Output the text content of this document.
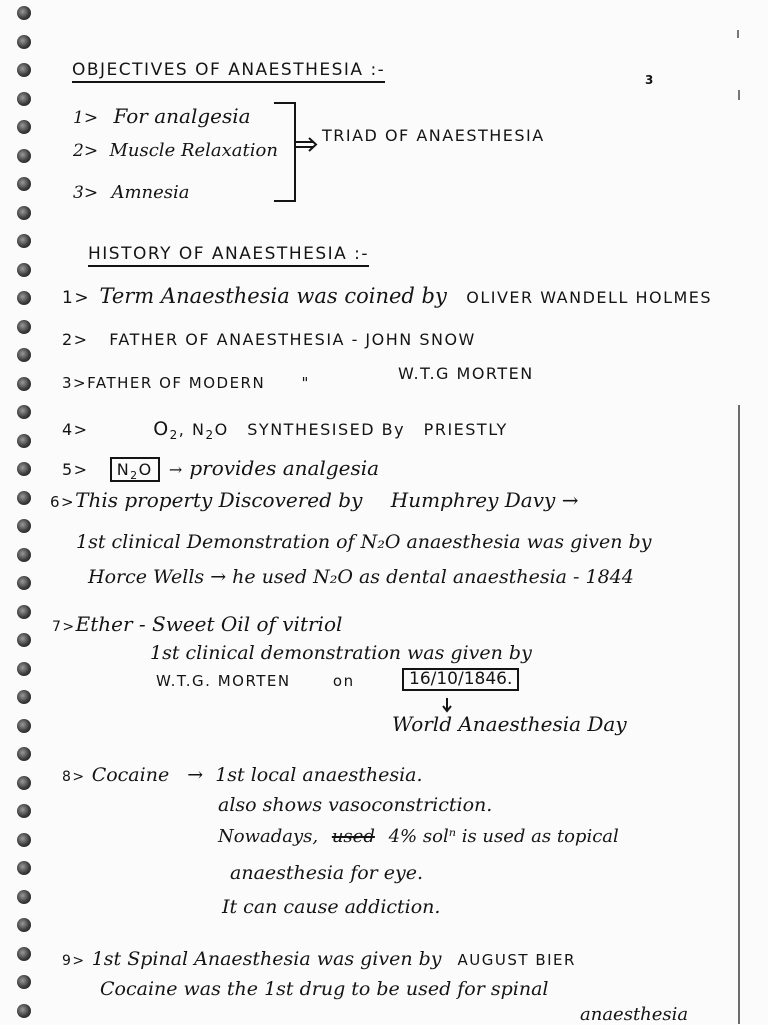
3
OBJECTIVES OF ANAESTHESIA :-
1> For analgesia
2> Muscle Relaxation
3> Amnesia
TRIAD OF ANAESTHESIA
HISTORY OF ANAESTHESIA :-
1> Term Anaesthesia was coined by OLIVER WANDELL HOLMES
2> FATHER OF ANAESTHESIA - JOHN SNOW
3>FATHER OF MODERN "	W.T.G MORTEN
4>	$O_2$, $N_2O$ SYNTHESISED By PRIESTLY
$5> N_2O$ → provides analgesia
6>This property Discovered by Humphrey Davy →
1st clinical Demonstration of N₂O anaesthesia was given by
Horce Wells → he used N₂O as dental anaesthesia - 1844
7>Ether - Sweet Oil of vitriol
1st clinical demonstration was given by
W.T.G. MORTEN	on	16/10/1846.
World Anaesthesia Day
8> Cocaine → 1st local anaesthesia.
also shows vasoconstriction.
Nowadays, used 4% solⁿ is used as topical
anaesthesia for eye.
It can cause addiction.
9> 1st Spinal Anaesthesia was given by AUGUST BIER
Cocaine was the 1st drug to be used for spinal
anaesthesia
